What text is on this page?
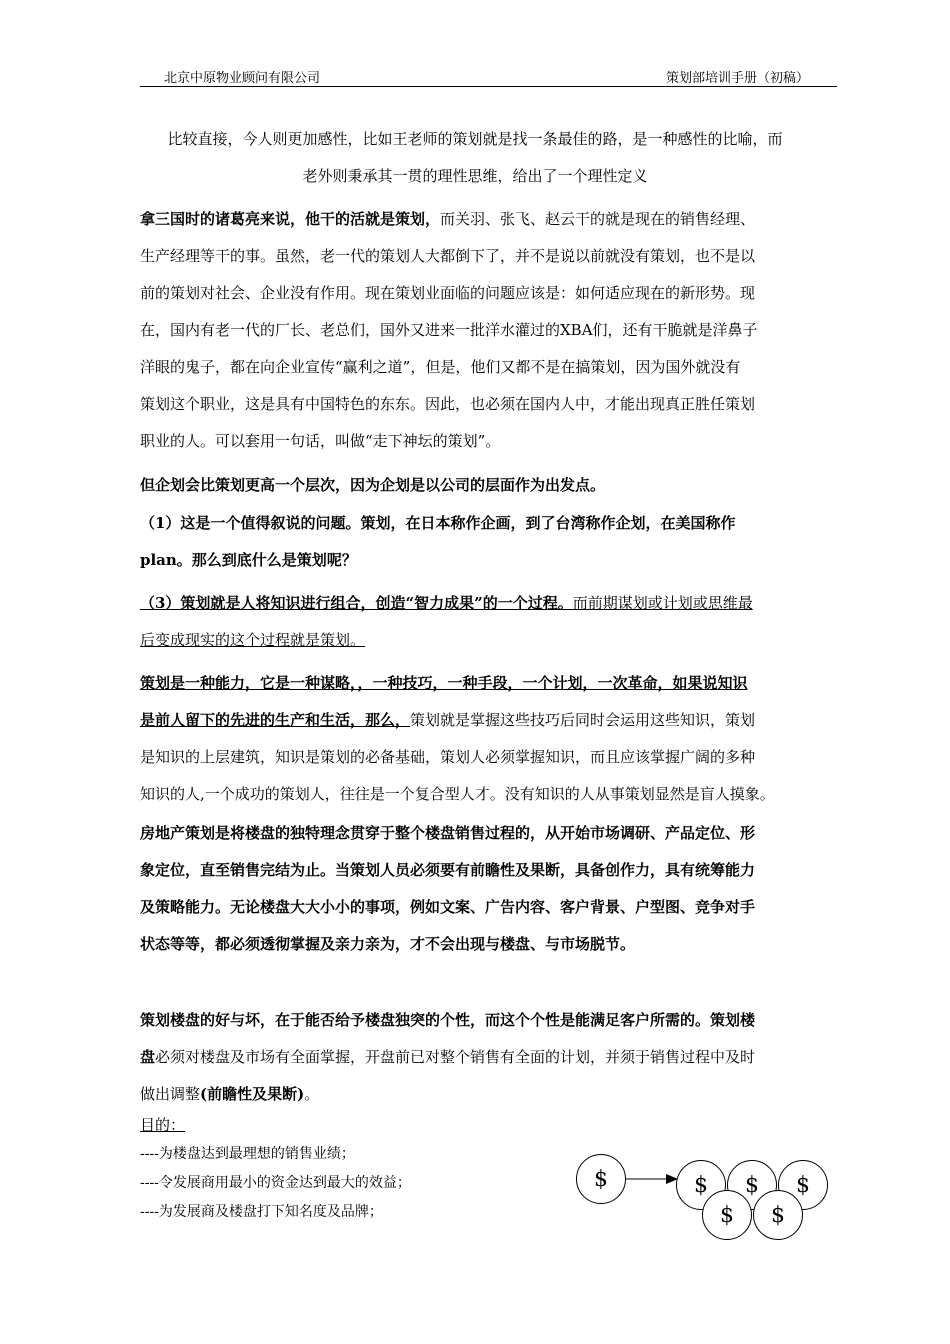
北京中原物业顾问有限公司	策划部培训手册（初稿）
比较直接，今人则更加感性，比如王老师的策划就是找一条最佳的路，是一种感性的比喻，而
老外则秉承其一贯的理性思维，给出了一个理性定义
拿三国时的诸葛亮来说，他干的活就是策划，而关羽、张飞、赵云干的就是现在的销售经理、
生产经理等干的事。虽然，老一代的策划人大都倒下了，并不是说以前就没有策划，也不是以
前的策划对社会、企业没有作用。现在策划业面临的问题应该是：如何适应现在的新形势。现
在，国内有老一代的厂长、老总们，国外又进来一批洋水灌过的XBA们，还有干脆就是洋鼻子
洋眼的鬼子，都在向企业宣传“赢利之道”，但是，他们又都不是在搞策划，因为国外就没有
策划这个职业，这是具有中国特色的东东。因此，也必须在国内人中，才能出现真正胜任策划
职业的人。可以套用一句话，叫做“走下神坛的策划”。
但企划会比策划更高一个层次，因为企划是以公司的层面作为出发点。
（1）这是一个值得叙说的问题。策划，在日本称作企画，到了台湾称作企划，在美国称作
plan。那么到底什么是策划呢？
（3）策划就是人将知识进行组合，创造“智力成果”的一个过程。而前期谋划或计划或思维最
后变成现实的这个过程就是策划。
策划是一种能力，它是一种谋略，，一种技巧，一种手段，一个计划，一次革命，如果说知识
是前人留下的先进的生产和生活，那么，策划就是掌握这些技巧后同时会运用这些知识，策划
是知识的上层建筑，知识是策划的必备基础，策划人必须掌握知识，而且应该掌握广阔的多种
知识的人,一个成功的策划人，往往是一个复合型人才。没有知识的人从事策划显然是盲人摸象。
房地产策划是将楼盘的独特理念贯穿于整个楼盘销售过程的，从开始市场调研、产品定位、形
象定位，直至销售完结为止。当策划人员必须要有前瞻性及果断，具备创作力，具有统筹能力
及策略能力。无论楼盘大大小小的事项，例如文案、广告内容、客户背景、户型图、竞争对手
状态等等，都必须透彻掌握及亲力亲为，才不会出现与楼盘、与市场脱节。
策划楼盘的好与坏，在于能否给予楼盘独突的个性，而这个个性是能满足客户所需的。策划楼
盘必须对楼盘及市场有全面掌握，开盘前已对整个销售有全面的计划，并须于销售过程中及时
做出调整(前瞻性及果断)。
目的：
----为楼盘达到最理想的销售业绩；
----令发展商用最小的资金达到最大的效益；
----为发展商及楼盘打下知名度及品牌；
$	$	$	$
$	$
